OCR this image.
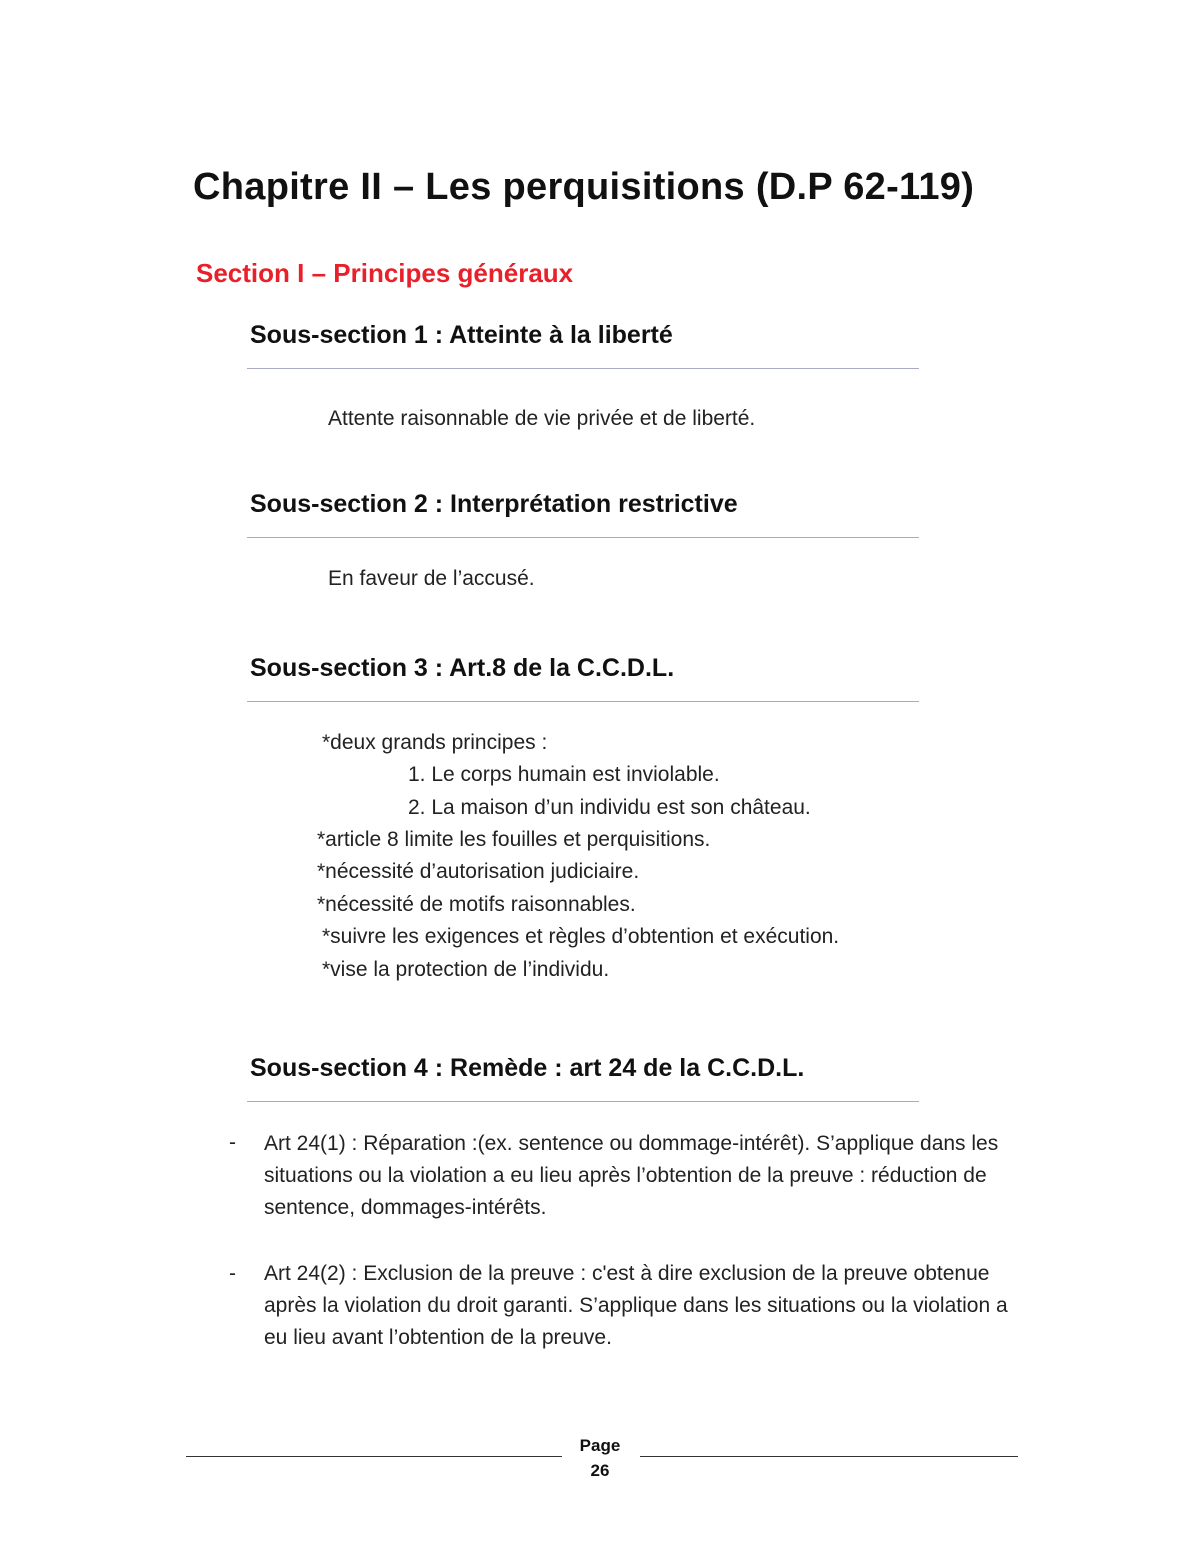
Chapitre II – Les perquisitions (D.P 62-119)
Section I – Principes généraux
Sous-section 1 : Atteinte à la liberté
Attente raisonnable de vie privée et de liberté.
Sous-section 2 : Interprétation restrictive
En faveur de l’accusé.
Sous-section 3 : Art.8 de la C.C.D.L.
*deux grands principes :
1. Le corps humain est inviolable.
2. La maison d’un individu est son château.
*article 8 limite les fouilles et perquisitions.
*nécessité d’autorisation judiciaire.
*nécessité de motifs raisonnables.
*suivre les exigences et règles d’obtention et exécution.
*vise la protection de l’individu.
Sous-section 4 : Remède : art 24 de la C.C.D.L.
- Art 24(1) : Réparation :(ex. sentence ou dommage-intérêt). S’applique dans les situations ou la violation a eu lieu après l’obtention de la preuve : réduction de sentence, dommages-intérêts.
- Art 24(2) : Exclusion de la preuve : c'est à dire exclusion de la preuve obtenue après la violation du droit garanti. S’applique dans les situations ou la violation a eu lieu avant l’obtention de la preuve.
Page
26
